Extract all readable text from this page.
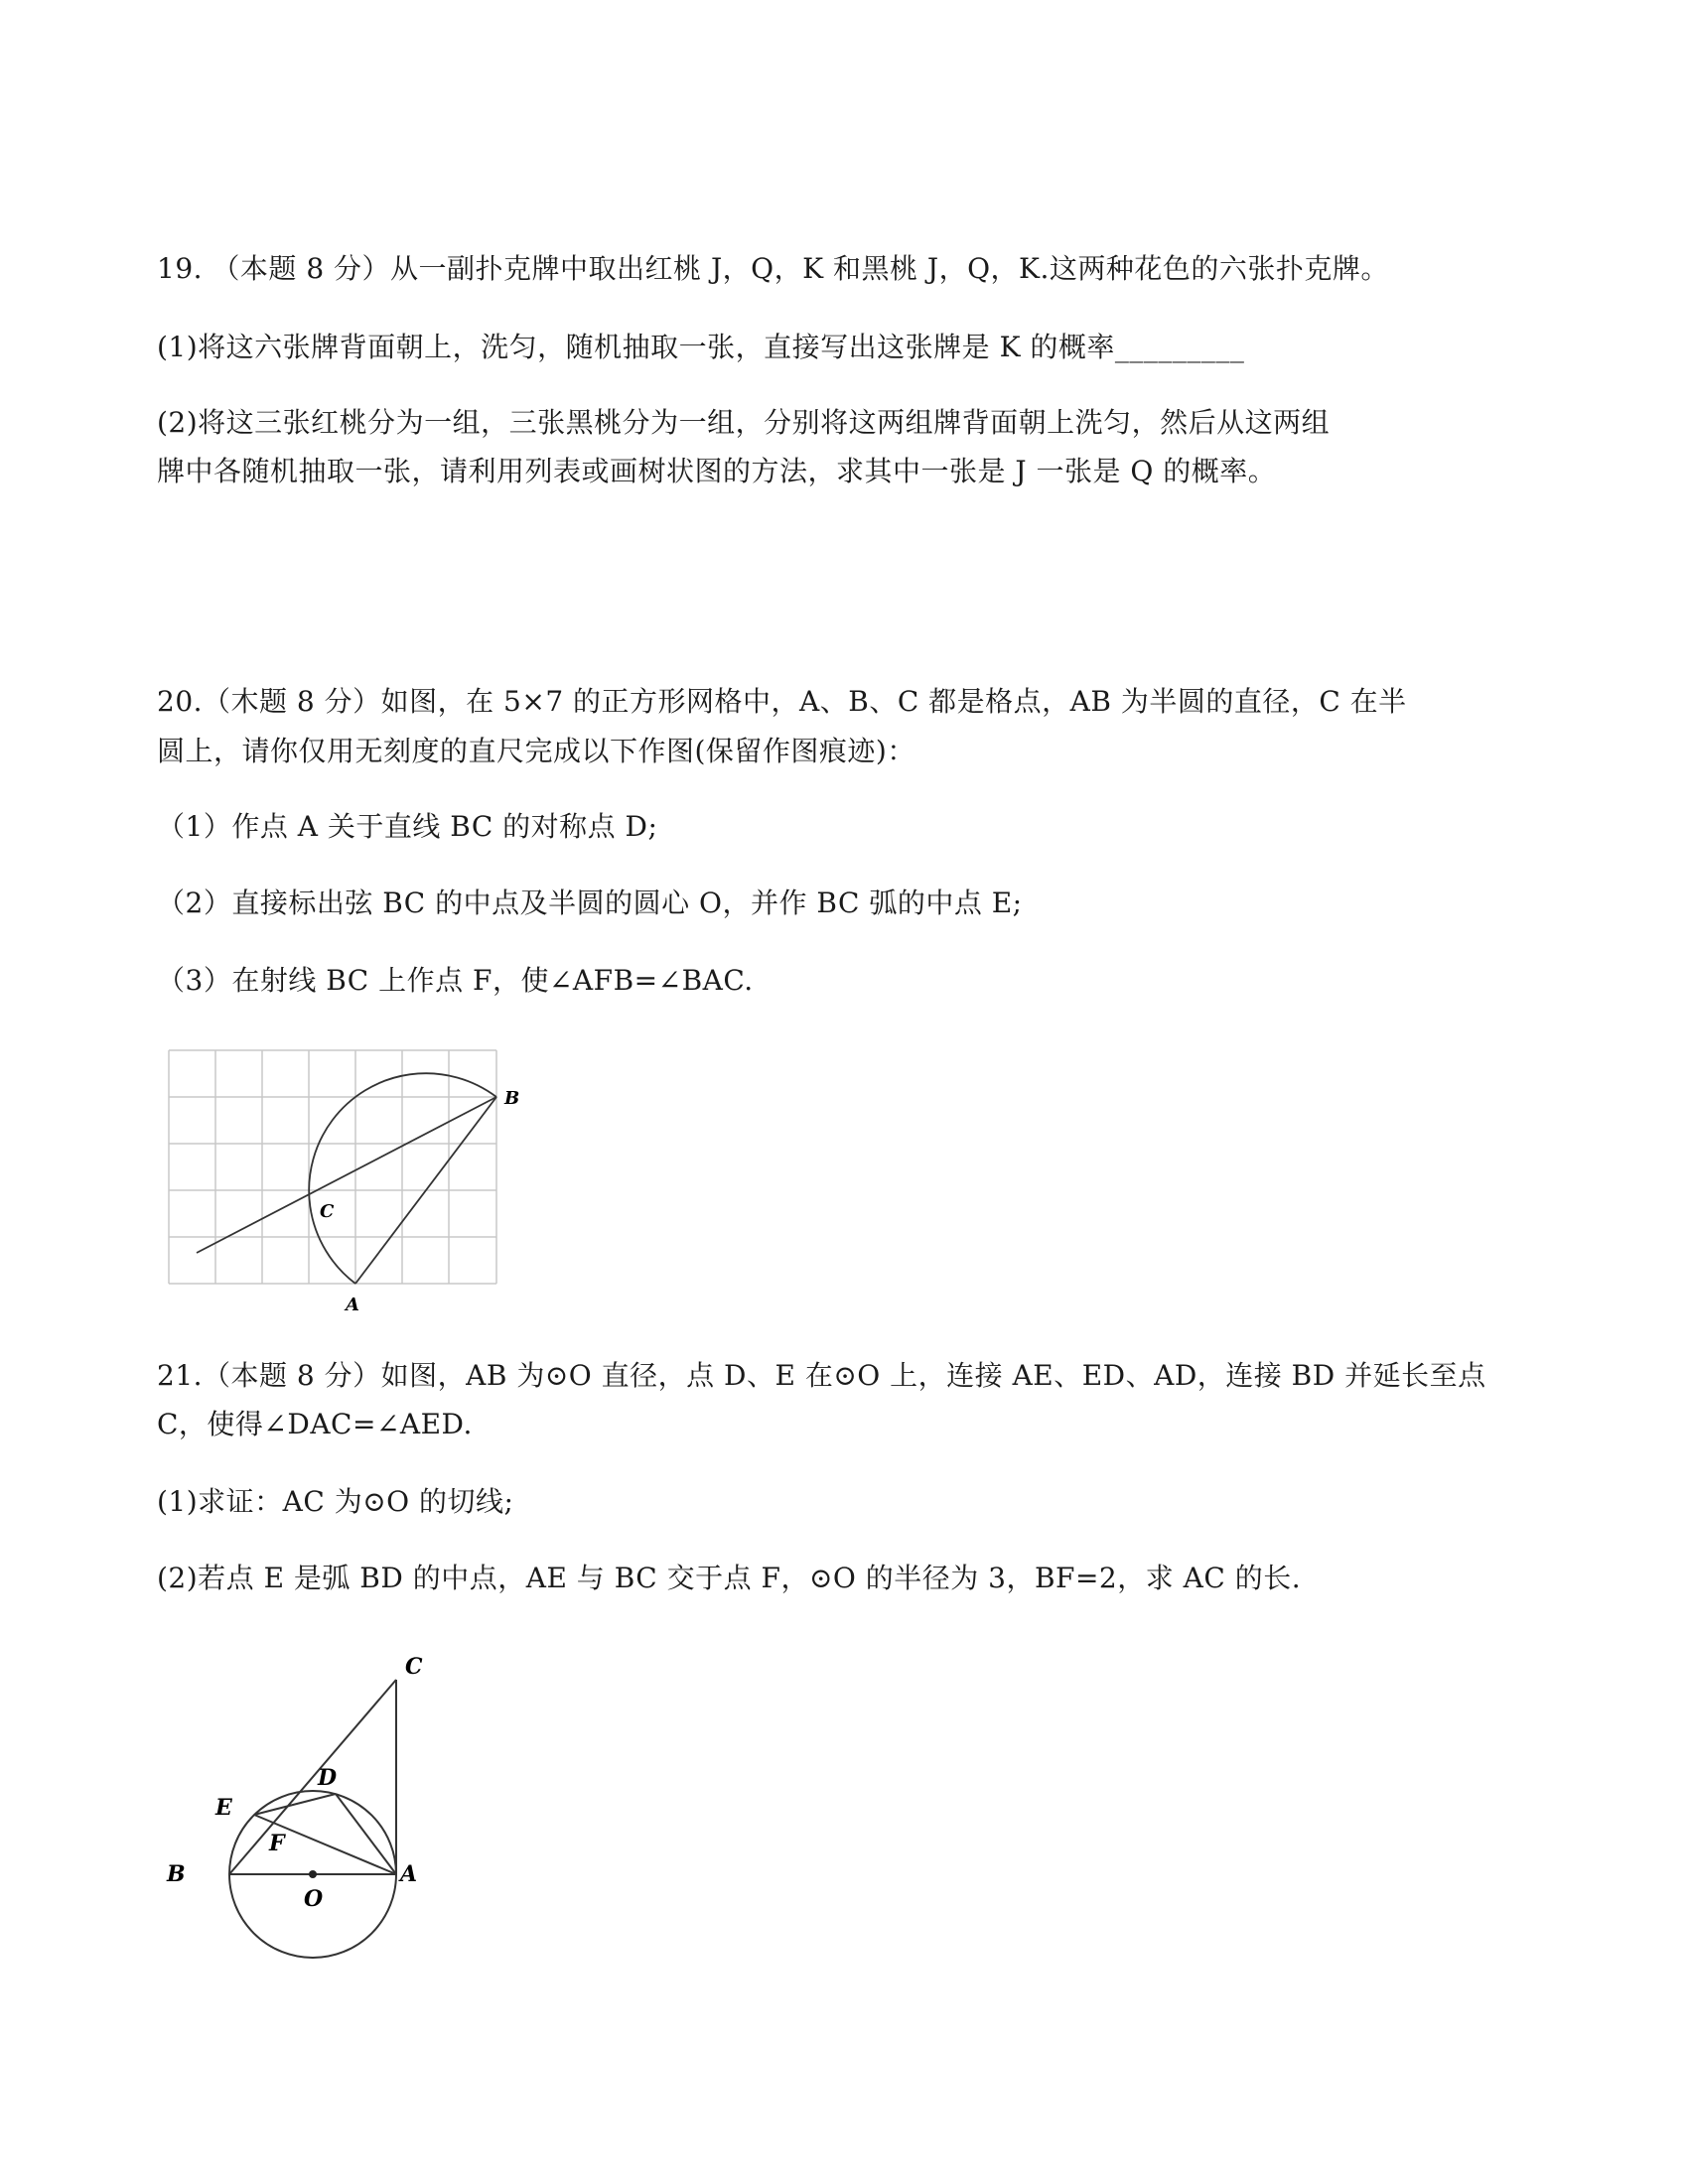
19. （本题 8 分）从一副扑克牌中取出红桃 J，Q，K 和黑桃 J，Q，K.这两种花色的六张扑克牌。

(1)将这六张牌背面朝上，洗匀，随机抽取一张，直接写出这张牌是 K 的概率_________

(2)将这三张红桃分为一组，三张黑桃分为一组，分别将这两组牌背面朝上洗匀，然后从这两组

牌中各随机抽取一张，请利用列表或画树状图的方法，求其中一张是 J 一张是 Q 的概率。

20.（木题 8 分）如图，在 5×7 的正方形网格中，A、B、C 都是格点，AB 为半圆的直径，C 在半

圆上，请你仅用无刻度的直尺完成以下作图(保留作图痕迹)：

（1）作点 A 关于直线 BC 的对称点 D;

（2）直接标出弦 BC 的中点及半圆的圆心 O，并作 BC 弧的中点 E;

（3）在射线 BC 上作点 F，使∠AFB=∠BAC.

B
C
A

21.（本题 8 分）如图，AB 为⊙O 直径，点 D、E 在⊙O 上，连接 AE、ED、AD，连接 BD 并延长至点

C，使得∠DAC=∠AED.

(1)求证：AC 为⊙O 的切线;

(2)若点 E 是弧 BD 的中点，AE 与 BC 交于点 F，⊙O 的半径为 3，BF=2，求 AC 的长.

C
D
E
F
B	A
O
